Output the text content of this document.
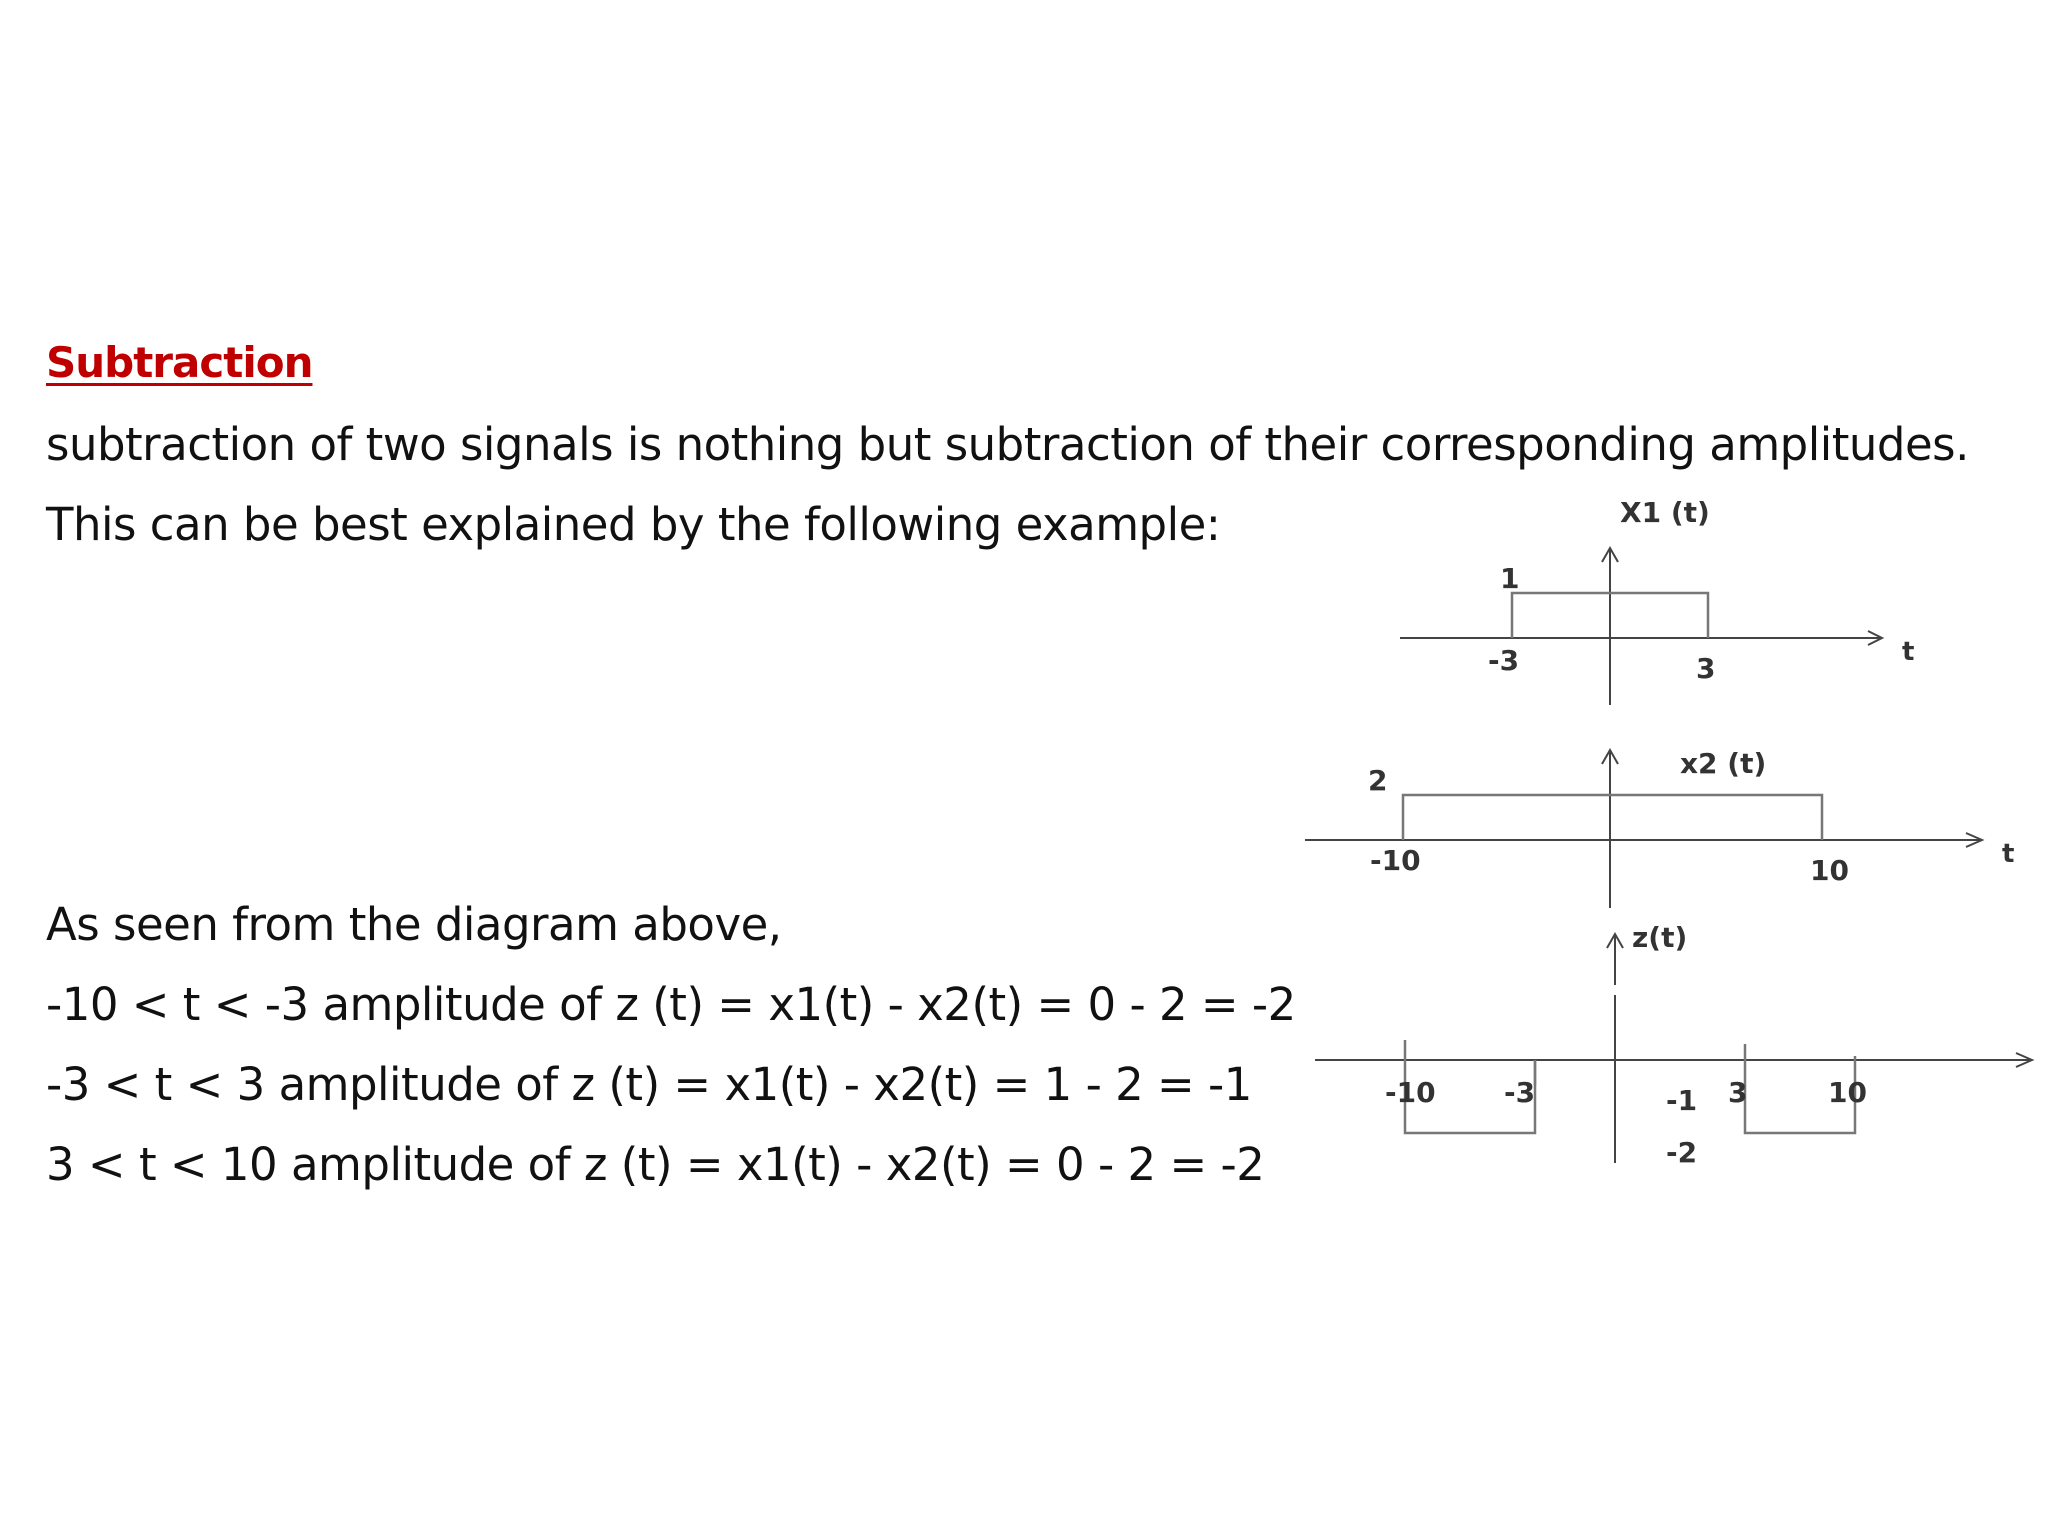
Subtraction
subtraction of two signals is nothing but subtraction of their corresponding amplitudes.
This can be best explained by the following example:
As seen from the diagram above,
-10 < t < -3 amplitude of z (t) = x1(t) - x2(t) = 0 - 2 = -2
-3 < t < 3 amplitude of z (t) = x1(t) - x2(t) = 1 - 2 = -1
3 < t < 10 amplitude of z (t) = x1(t) - x2(t) = 0 - 2 = -2
X1 (t)
1
-3	3	t
x2 (t)
2
-10	10	t
z(t)
-10 -3	-1 3	10
-2
